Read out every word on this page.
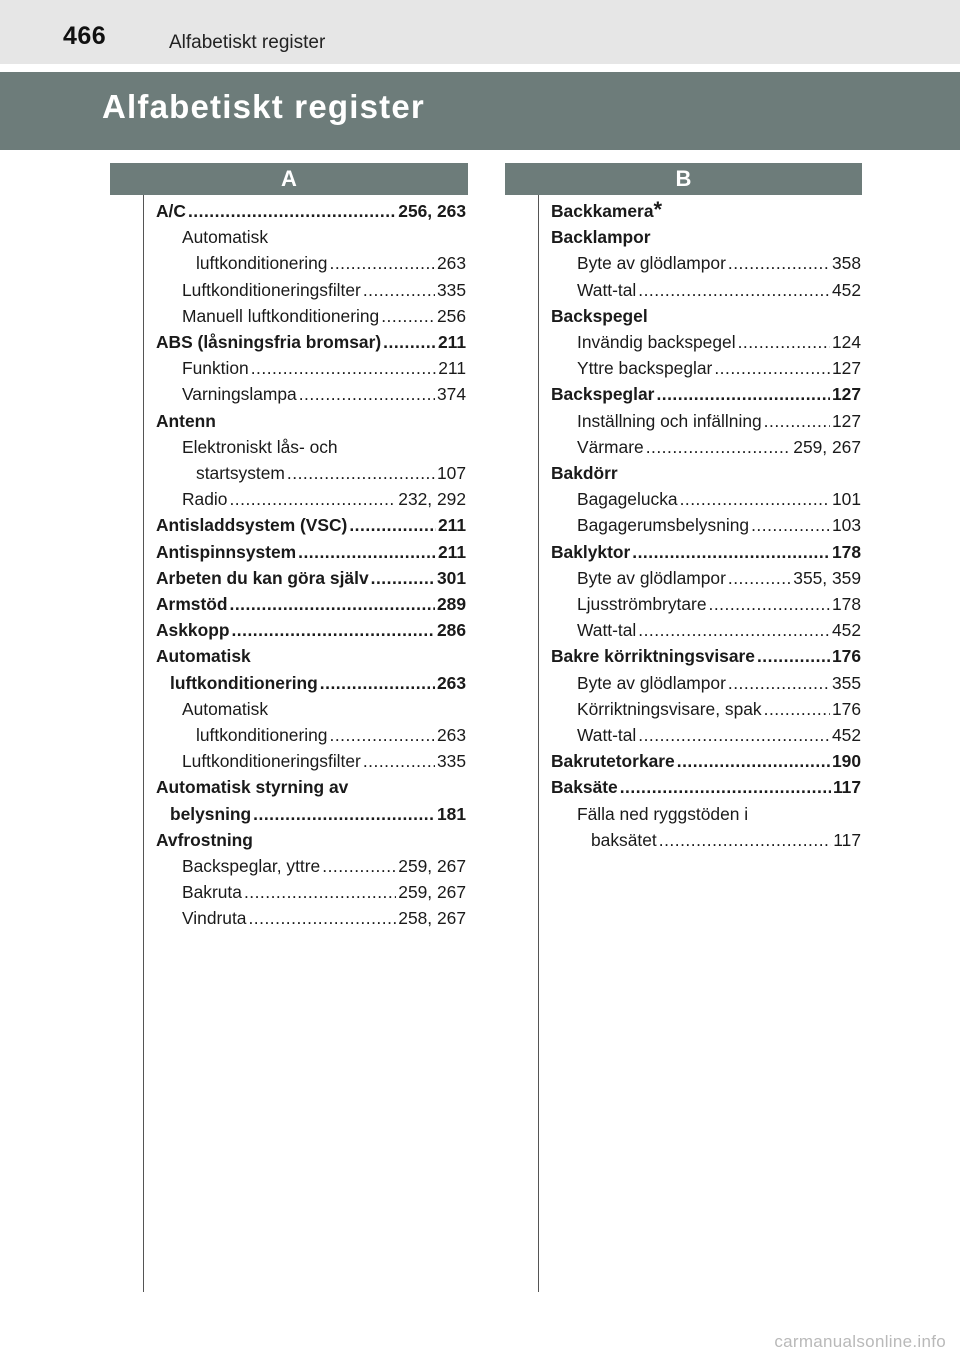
466	Alfabetiskt register
Alfabetiskt register
A	B
A/C .....	256, 263
Automatisk
luftkonditionering .....	263
Luftkonditioneringsfilter .....	335
Manuell luftkonditionering .....	256
ABS (låsningsfria bromsar) .....	211
Funktion .....	211
Varningslampa .....	374
Antenn
Elektroniskt lås- och
startsystem .....	107
Radio .....	232, 292
Antisladdsystem (VSC) .....	211
Antispinnsystem .....	211
Arbeten du kan göra själv .....	301
Armstöd .....	289
Askkopp .....	286
Automatisk
luftkonditionering .....	263
Automatisk
luftkonditionering .....	263
Luftkonditioneringsfilter .....	335
Automatisk styrning av
belysning .....	181
Avfrostning
Backspeglar, yttre .....	259, 267
Bakruta .....	259, 267
Vindruta .....	258, 267
Backkamera *
Backlampor
Byte av glödlampor .....	358
Watt-tal .....	452
Backspegel
Invändig backspegel .....	124
Yttre backspeglar .....	127
Backspeglar .....	127
Inställning och infällning .....	127
Värmare .....	259, 267
Bakdörr
Bagagelucka .....	101
Bagagerumsbelysning .....	103
Baklyktor .....	178
Byte av glödlampor .....	355, 359
Ljusströmbrytare .....	178
Watt-tal .....	452
Bakre körriktningsvisare .....	176
Byte av glödlampor .....	355
Körriktningsvisare, spak .....	176
Watt-tal .....	452
Bakrutetorkare .....	190
Baksäte .....	117
Fälla ned ryggstöden i
baksätet .....	117
carmanualsonline.info
